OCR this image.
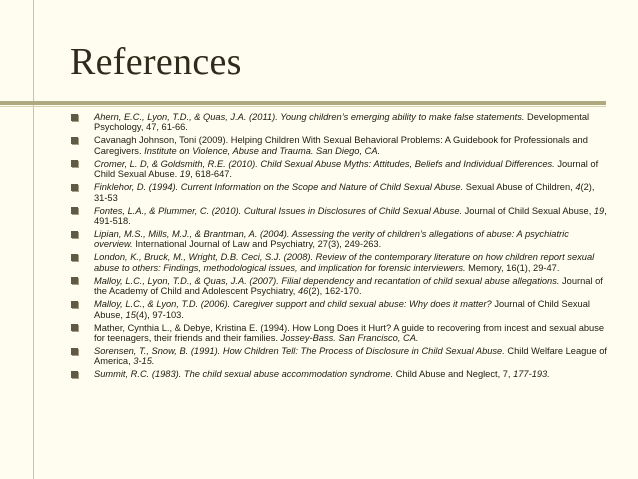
References
Ahern, E.C., Lyon, T.D., & Quas, J.A. (2011). Young children’s emerging ability to make false statements. Developmental Psychology, 47, 61-66.
Cavanagh Johnson, Toni (2009). Helping Children With Sexual Behavioral Problems: A Guidebook for Professionals and Caregivers. Institute on Violence, Abuse and Trauma. San Diego, CA.
Cromer, L. D, & Goldsmith, R.E. (2010). Child Sexual Abuse Myths: Attitudes, Beliefs and Individual Differences. Journal of Child Sexual Abuse. 19, 618-647.
Finklehor, D. (1994). Current Information on the Scope and Nature of Child Sexual Abuse. Sexual Abuse of Children, 4(2), 31-53
Fontes, L.A., & Plummer, C. (2010). Cultural Issues in Disclosures of Child Sexual Abuse. Journal of Child Sexual Abuse, 19, 491-518.
Lipian, M.S., Mills, M.J., & Brantman, A. (2004). Assessing the verity of children’s allegations of abuse: A psychiatric overview. International Journal of Law and Psychiatry, 27(3), 249-263.
London, K., Bruck, M., Wright, D.B. Ceci, S.J. (2008). Review of the contemporary literature on how children report sexual abuse to others: Findings, methodological issues, and implication for forensic interviewers. Memory, 16(1), 29-47.
Malloy, L.C., Lyon, T.D., & Quas, J.A. (2007). Filial dependency and recantation of child sexual abuse allegations. Journal of the Academy of Child and Adolescent Psychiatry, 46(2), 162-170.
Malloy, L.C., & Lyon, T.D. (2006). Caregiver support and child sexual abuse: Why does it matter? Journal of Child Sexual Abuse, 15(4), 97-103.
Mather, Cynthia L., & Debye, Kristina E. (1994). How Long Does it Hurt? A guide to recovering from incest and sexual abuse for teenagers, their friends and their families. Jossey-Bass. San Francisco, CA.
Sorensen, T., Snow, B. (1991). How Children Tell: The Process of Disclosure in Child Sexual Abuse. Child Welfare League of America, 3-15.
Summit, R.C. (1983). The child sexual abuse accommodation syndrome. Child Abuse and Neglect, 7, 177-193.
